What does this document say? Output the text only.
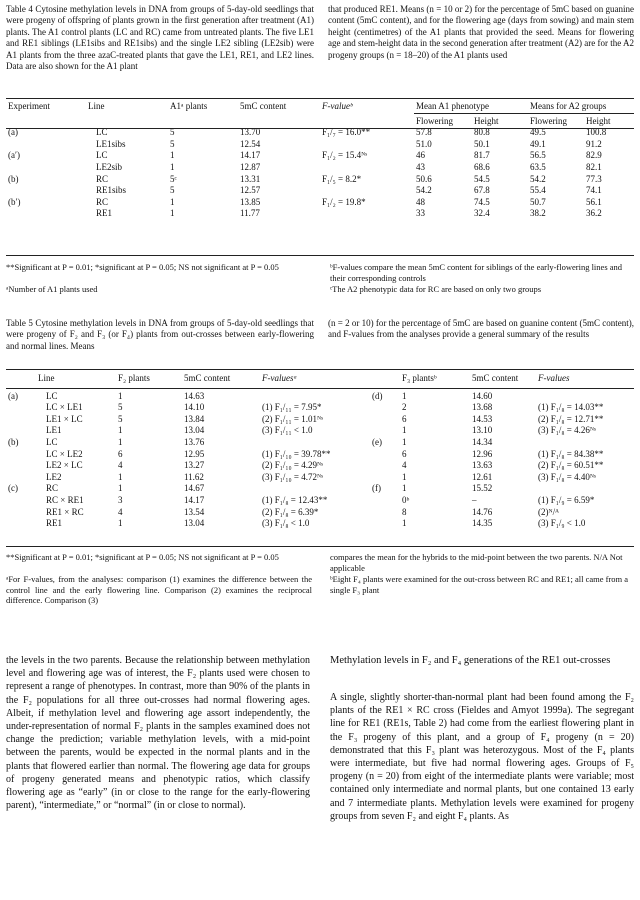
Table 4 Cytosine methylation levels in DNA from groups of 5-day-old seedlings that were progeny of offspring of plants grown in the first generation after treatment (A1) plants. The A1 control plants (LC and RC) came from untreated plants. The five LE1 and RE1 siblings (LE1sibs and RE1sibs) and the single LE2 sibling (LE2sib) were A1 plants from the three azaC-treated plants that gave the LE1, RE1, and LE2 lines. Data are also shown for the A1 plant
that produced RE1. Means (n = 10 or 2) for the percentage of 5mC based on guanine content (5mC content), and for the flowering age (days from sowing) and main stem height (centimetres) of the A1 plants that provided the seed. Means for flowering age and stem-height data in the second generation after treatment (A2) are for the A2 progeny groups (n = 18–20) of the A1 plants used
Experiment	Line	A1ᵃ plants	5mC content	F-valueᵇ	Mean A1 phenotype		Means for A2 groups	
					Flowering	Height	Flowering	Height
(a)	LC	5	13.70	F₁/₇ = 16.0**	57.8	80.8	49.5	100.8
	LE1sibs	5	12.54		51.0	50.1	49.1	91.2
(a′)	LC	1	14.17	F₁/₂ = 15.4ᴺˢ	46	81.7	56.5	82.9
	LE2sib	1	12.87		43	68.6	63.5	82.1
(b)	RC	5ᶜ	13.31	F₁/₅ = 8.2*	50.6	54.5	54.2	77.3
	RE1sibs	5	12.57		54.2	67.8	55.4	74.1
(b′)	RC	1	13.85	F₁/₂ = 19.8*	48	74.5	50.7	56.1
	RE1	1	11.77		33	32.4	38.2	36.2
**Significant at P = 0.01; *significant at P = 0.05; NS not significant at P = 0.05
ᵃNumber of A1 plants used
ᵇF-values compare the mean 5mC content for siblings of the early-flowering lines and their corresponding controls
ᶜThe A2 phenotypic data for RC are based on only two groups
Table 5 Cytosine methylation levels in DNA from groups of 5-day-old seedlings that were progeny of F₂ and F₃ (or F₄) plants from out-crosses between early-flowering and normal lines. Means
(n = 2 or 10) for the percentage of 5mC are based on guanine content (5mC content), and F-values from the analyses provide a general summary of the results
	Line	F₂ plants	5mC content	F-valuesᵃ

(a)	LC	1	14.63	
	LC × LE1	5	14.10	(1) F₁/₁₁ = 7.95*
	LE1 × LC	5	13.84	(2) F₁/₁₁ = 1.01ᴺˢ
	LE1	1	13.04	(3) F₁/₁₁ < 1.0
(b)	LC	1	13.76	
	LC × LE2	6	12.95	(1) F₁/₁₀ = 39.78**
	LE2 × LC	4	13.27	(2) F₁/₁₀ = 4.29ᴺˢ
	LE2	1	11.62	(3) F₁/₁₀ = 4.72ᴺˢ
(c)	RC	1	14.67	
	RC × RE1	3	14.17	(1) F₁/₈ = 12.43**
	RE1 × RC	4	13.54	(2) F₁/₈ = 6.39*
	RE1	1	13.04	(3) F₁/₈ < 1.0
	F₃ plantsᵇ	5mC content	F-values

(d)	1	14.60	
	2	13.68	(1) F₁/₈ = 14.03**
	6	14.53	(2) F₁/₈ = 12.71**
	1	13.10	(3) F₁/₈ = 4.26ᴺˢ
(e)	1	14.34	
	6	12.96	(1) F₁/₈ = 84.38**
	4	13.63	(2) F₁/₈ = 60.51**
	1	12.61	(3) F₁/₈ = 4.40ᴺˢ
(f)	1	15.52	
	0ᵇ	–	(1) F₁/₉ = 6.59*
	8	14.76	(2)ᴺ/ᴬ
	1	14.35	(3) F₁/₉ < 1.0
**Significant at P = 0.01; *significant at P = 0.05; NS not significant at P = 0.05
ᵃFor F-values, from the analyses: comparison (1) examines the difference between the control line and the early flowering line. Comparison (2) examines the reciprocal difference. Comparison (3)
compares the mean for the hybrids to the mid-point between the two parents. N/A Not applicable
ᵇEight F₄ plants were examined for the out-cross between RC and RE1; all came from a single F₃ plant
the levels in the two parents. Because the relationship between methylation level and flowering age was of interest, the F₂ plants used were chosen to represent a range of phenotypes. In contrast, more than 90% of the plants in the F₂ populations for all three out-crosses had normal flowering ages. Albeit, if methylation level and flowering age assort independently, the under-representation of normal F₂ plants in the samples examined does not change the prediction; variable methylation levels, with a mid-point between the parents, would be expected in the normal plants and in the plants that flowered earlier than normal. The flowering age data for groups of progeny generated means and phenotypic ratios, which classify flowering age as “early” (in or close to the range for the early-flowering parent), “intermediate,” or “normal” (in or close to normal).
Methylation levels in F₂ and F₄ generations of the RE1 out-crosses
A single, slightly shorter-than-normal plant had been found among the F₂ plants of the RE1 × RC cross (Fieldes and Amyot 1999a). The segregant line for RE1 (RE1s, Table 2) had come from the earliest flowering plant in the F₃ progeny of this plant, and a group of F₄ progeny (n = 20) demonstrated that this F₃ plant was heterozygous. Most of the F₄ plants were intermediate, but five had normal flowering ages. Groups of F₅ progeny (n = 20) from eight of the intermediate plants were variable; most contained only intermediate and normal plants, but one contained 13 early and 7 intermediate plants. Methylation levels were examined for progeny groups from seven F₂ and eight F₄ plants. As
